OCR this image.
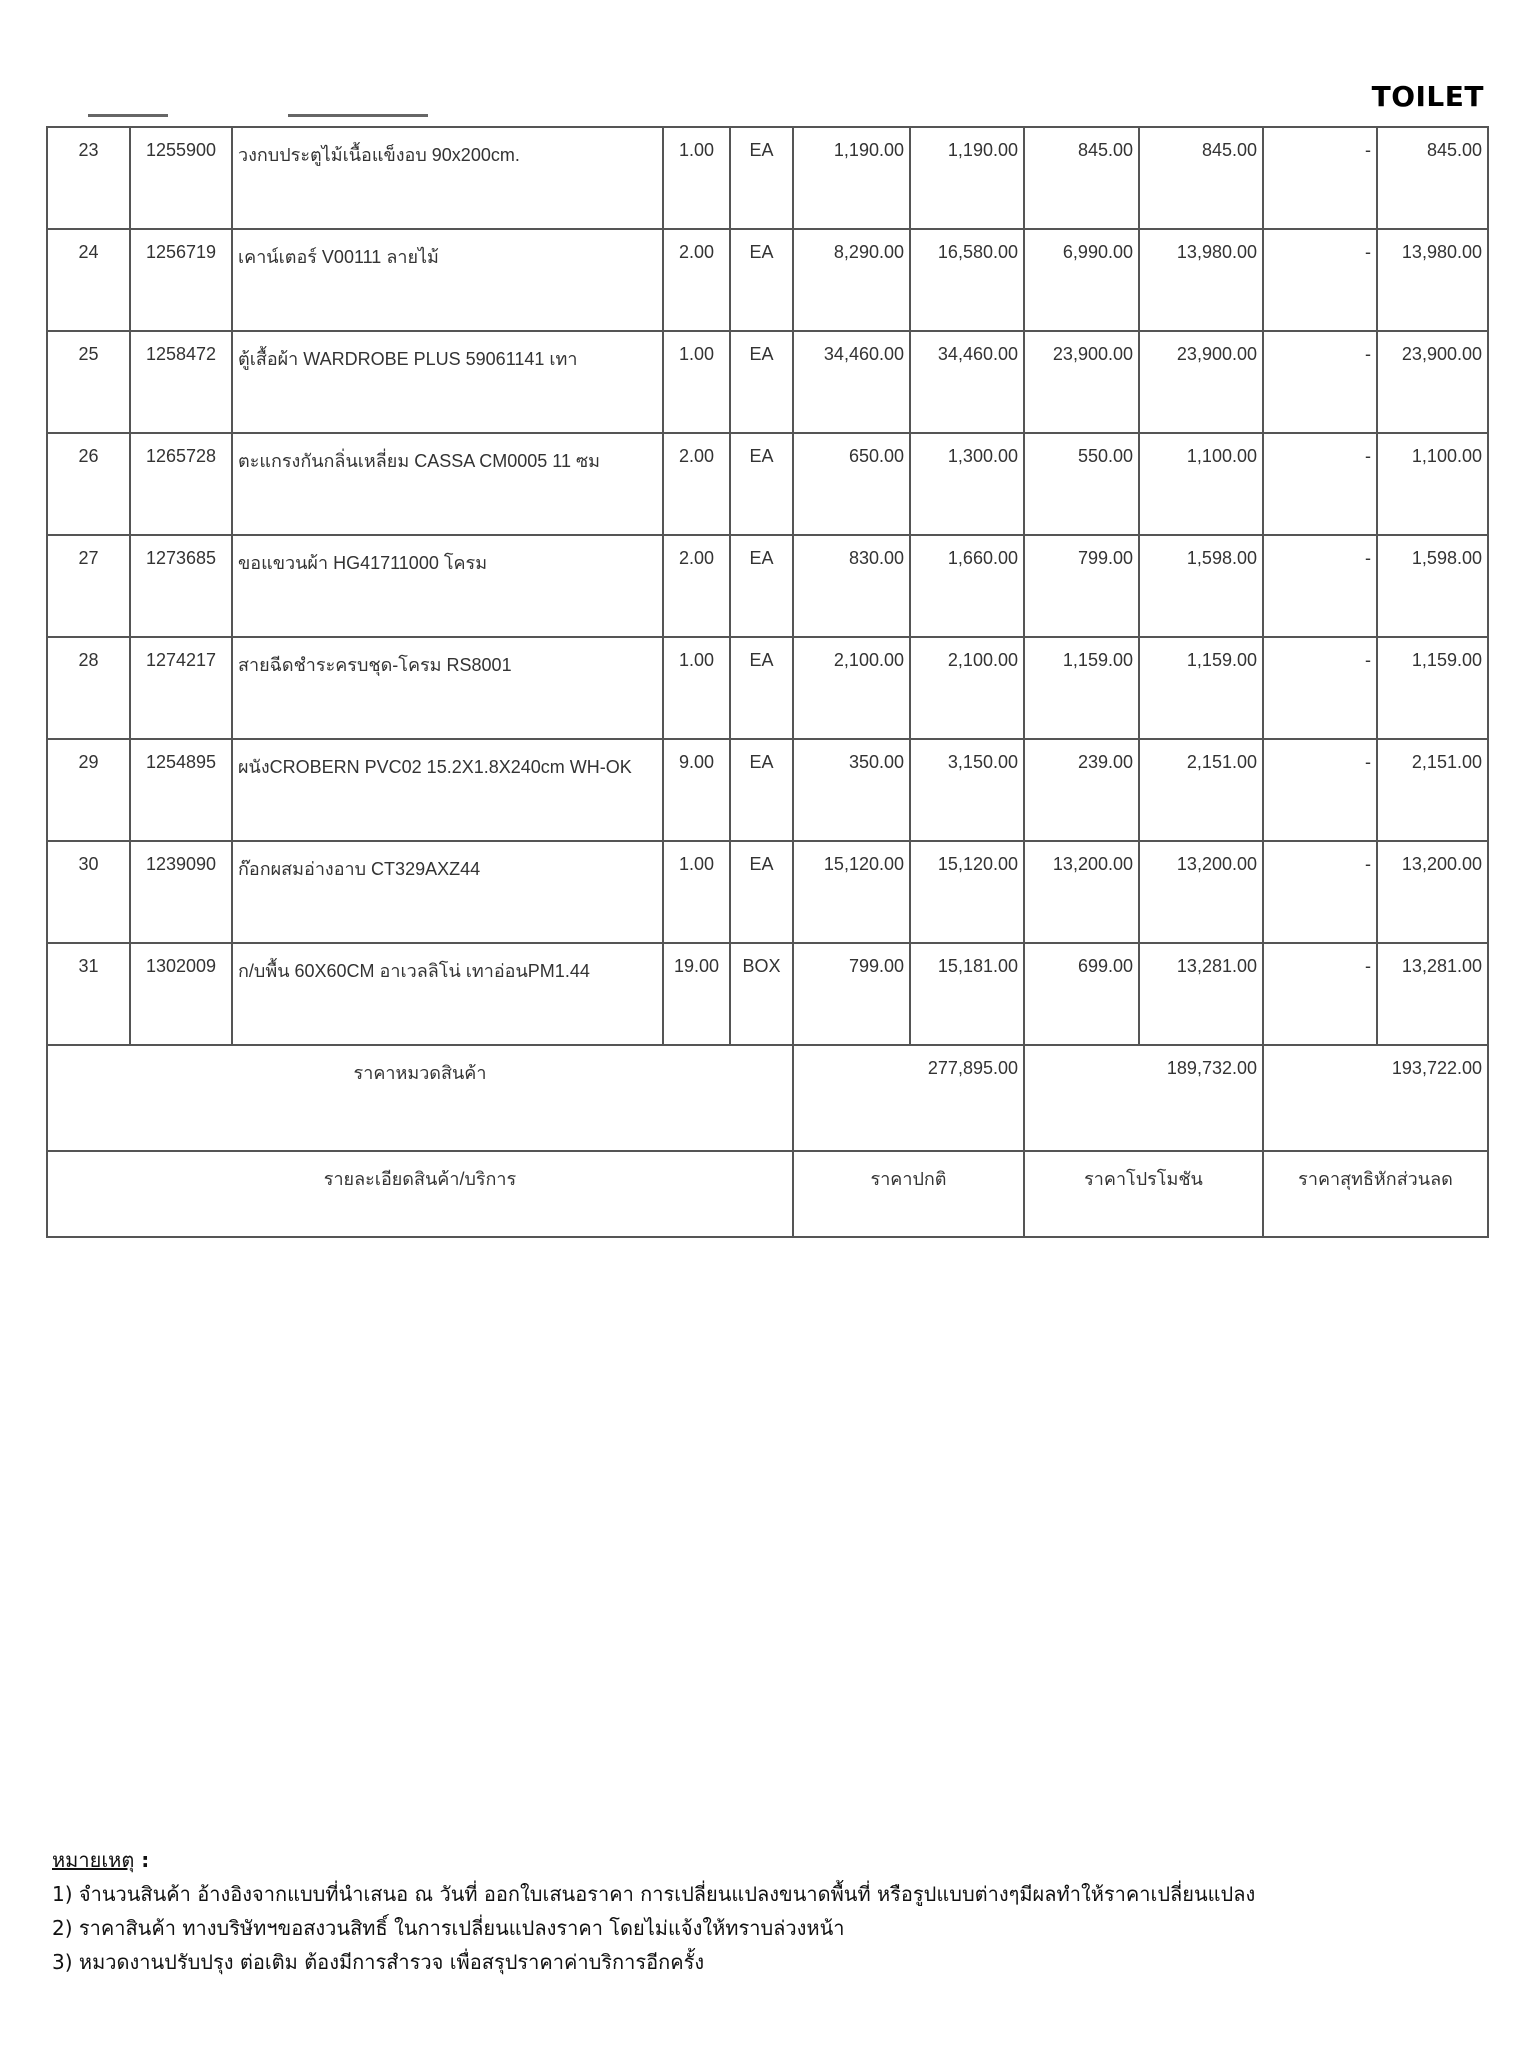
TOILET
23	1255900	วงกบประตูไม้เนื้อแข็งอบ 90x200cm.	1.00	EA	1,190.00	1,190.00	845.00	845.00	-	845.00
24	1256719	เคาน์เตอร์ V00111 ลายไม้	2.00	EA	8,290.00	16,580.00	6,990.00	13,980.00	-	13,980.00
25	1258472	ตู้เสื้อผ้า WARDROBE PLUS 59061141 เทา	1.00	EA	34,460.00	34,460.00	23,900.00	23,900.00	-	23,900.00
26	1265728	ตะแกรงกันกลิ่นเหลี่ยม CASSA CM0005 11 ซม	2.00	EA	650.00	1,300.00	550.00	1,100.00	-	1,100.00
27	1273685	ขอแขวนผ้า HG41711000 โครม	2.00	EA	830.00	1,660.00	799.00	1,598.00	-	1,598.00
28	1274217	สายฉีดชำระครบชุด-โครม RS8001	1.00	EA	2,100.00	2,100.00	1,159.00	1,159.00	-	1,159.00
29	1254895	ผนังCROBERN PVC02 15.2X1.8X240cm WH-OK	9.00	EA	350.00	3,150.00	239.00	2,151.00	-	2,151.00
30	1239090	ก๊อกผสมอ่างอาบ CT329AXZ44	1.00	EA	15,120.00	15,120.00	13,200.00	13,200.00	-	13,200.00
31	1302009	ก/บพื้น 60X60CM อาเวลลิโน่ เทาอ่อนPM1.44	19.00	BOX	799.00	15,181.00	699.00	13,281.00	-	13,281.00
ราคาหมวดสินค้า					277,895.00		189,732.00		193,722.00	
รายละเอียดสินค้า/บริการ					ราคาปกติ		ราคาโปรโมชัน		ราคาสุทธิหักส่วนลด	
หมายเหตุ :
1) จำนวนสินค้า อ้างอิงจากแบบที่นำเสนอ ณ วันที่ ออกใบเสนอราคา การเปลี่ยนแปลงขนาดพื้นที่ หรือรูปแบบต่างๆมีผลทำให้ราคาเปลี่ยนแปลง
2) ราคาสินค้า ทางบริษัทฯขอสงวนสิทธิ์ ในการเปลี่ยนแปลงราคา โดยไม่แจ้งให้ทราบล่วงหน้า
3) หมวดงานปรับปรุง ต่อเติม ต้องมีการสำรวจ เพื่อสรุปราคาค่าบริการอีกครั้ง
